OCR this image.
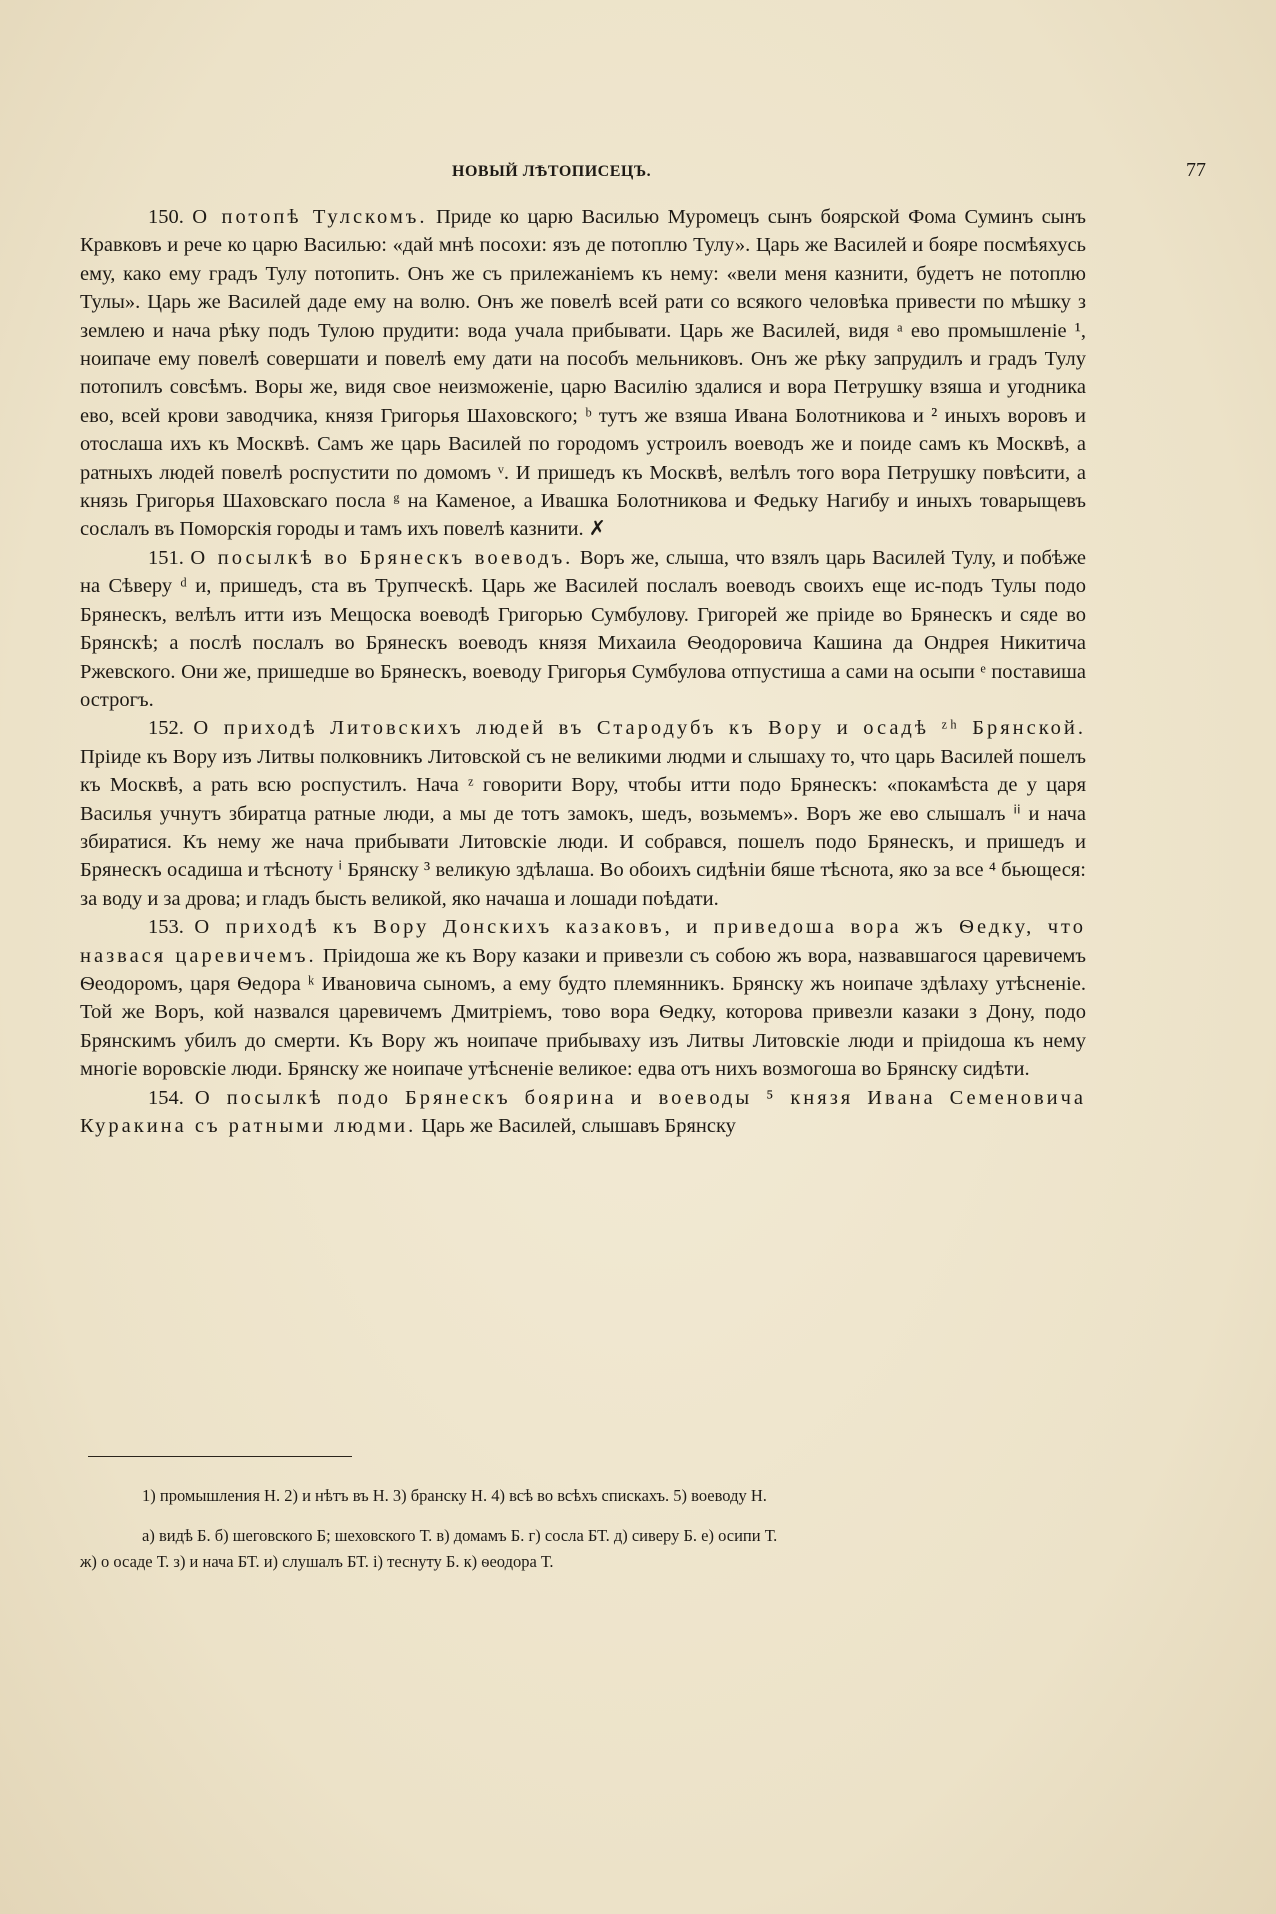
НОВЫЙ ЛѢТОПИСЕЦЪ.	77

150. О потопѣ Тулскомъ. Приде ко царю Василью Муромецъ сынъ боярской Фома Суминъ сынъ Кравковъ и рече ко царю Василью: «дай мнѣ посохи: язъ де потоплю Тулу». Царь же Василей и бояре посмѣяхусь ему, како ему градъ Тулу потопить. Онъ же съ прилежаніемъ къ нему: «вели меня казнити, будетъ не потоплю Тулы». Царь же Василей даде ему на волю. Онъ же повелѣ всей рати со всякого человѣка привести по мѣшку з землею и нача рѣку подъ Тулою прудити: вода учала прибывати. Царь же Василей, видя ᵃ ево промышленіе ¹, ноипаче ему повелѣ совершати и повелѣ ему дати на пособъ мельниковъ. Онъ же рѣку запрудилъ и градъ Тулу потопилъ совсѣмъ. Воры же, видя свое неизможеніе, царю Василію здалися и вора Петрушку взяша и угодника ево, всей крови заводчика, князя Григорья Шаховского; ᵇ тутъ же взяша Ивана Болотникова и ² иныхъ воровъ и отослаша ихъ къ Москвѣ. Самъ же царь Василей по городомъ устроилъ воеводъ же и поиде самъ къ Москвѣ, а ратныхъ людей повелѣ роспустити по домомъ ᵛ. И пришедъ къ Москвѣ, велѣлъ того вора Петрушку повѣсити, а князь Григорья Шаховскаго посла ᵍ на Каменое, а Ивашка Болотникова и Федьку Нагибу и иныхъ товарыщевъ сослалъ въ Поморскія городы и тамъ ихъ повелѣ казнити. ✗

151. О посылкѣ во Брянескъ воеводъ. Воръ же, слыша, что взялъ царь Василей Тулу, и побѣже на Сѣверу ᵈ и, пришедъ, ста въ Трупческѣ. Царь же Василей послалъ воеводъ своихъ еще ис-подъ Тулы подо Брянескъ, велѣлъ итти изъ Мещоска воеводѣ Григорью Сумбулову. Григорей же пріиде во Брянескъ и сяде во Брянскѣ; а послѣ послалъ во Брянескъ воеводъ князя Михаила Ѳеодоровича Кашина да Ондрея Никитича Ржевского. Они же, пришедше во Брянескъ, воеводу Григорья Сумбулова отпустиша а сами на осыпи ᵉ поставиша острогъ.

152. О приходѣ Литовскихъ людей въ Стародубъ къ Вору и осадѣ ᶻʰ Брянской. Пріиде къ Вору изъ Литвы полковникъ Литовской съ не великими людми и слышаху то, что царь Василей пошелъ къ Москвѣ, а рать всю роспустилъ. Нача ᶻ говорити Вору, чтобы итти подо Брянескъ: «покамѣста де у царя Василья учнутъ збиратца ратные люди, а мы де тотъ замокъ, шедъ, возьмемъ». Воръ же ево слышалъ ⁱⁱ и нача збиратися. Къ нему же нача прибывати Литовскіе люди. И собрався, пошелъ подо Брянескъ, и пришедъ и Брянескъ осадиша и тѣсноту ⁱ Брянску ³ великую здѣлаша. Во обоихъ сидѣніи бяше тѣснота, яко за все ⁴ бьющеся: за воду и за дрова; и гладъ бысть великой, яко начаша и лошади поѣдати.

153. О приходѣ къ Вору Донскихъ казаковъ, и приведоша вора жъ Ѳедку, что назвася царевичемъ. Пріидоша же къ Вору казаки и привезли съ собою жъ вора, назвавшагося царевичемъ Ѳеодоромъ, царя Ѳедора ᵏ Ивановича сыномъ, а ему будто племянникъ. Брянску жъ ноипаче здѣлаху утѣсненіе. Той же Воръ, кой назвался царевичемъ Дмитріемъ, тово вора Ѳедку, которова привезли казаки з Дону, подо Брянскимъ убилъ до смерти. Къ Вору жъ ноипаче прибываху изъ Литвы Литовскіе люди и пріидоша къ нему многіе воровскіе люди. Брянску же ноипаче утѣсненіе великое: едва отъ нихъ возмогоша во Брянску сидѣти.

154. О посылкѣ подо Брянескъ боярина и воеводы ⁵ князя Ивана Семеновича Куракина съ ратными людми. Царь же Василей, слышавъ Брянску

1) промышления Н. 2) и нѣтъ въ Н. 3) бранску Н. 4) всѣ во всѣхъ спискахъ. 5) воеводу Н.

а) видѣ Б. б) шеговского Б; шеховского Т. в) домамъ Б. г) сосла БТ. д) сиверу Б. е) осипи Т.

ж) о осаде Т. з) и нача БТ. и) слушалъ БТ. і) теснуту Б. к) ѳеодора Т.
